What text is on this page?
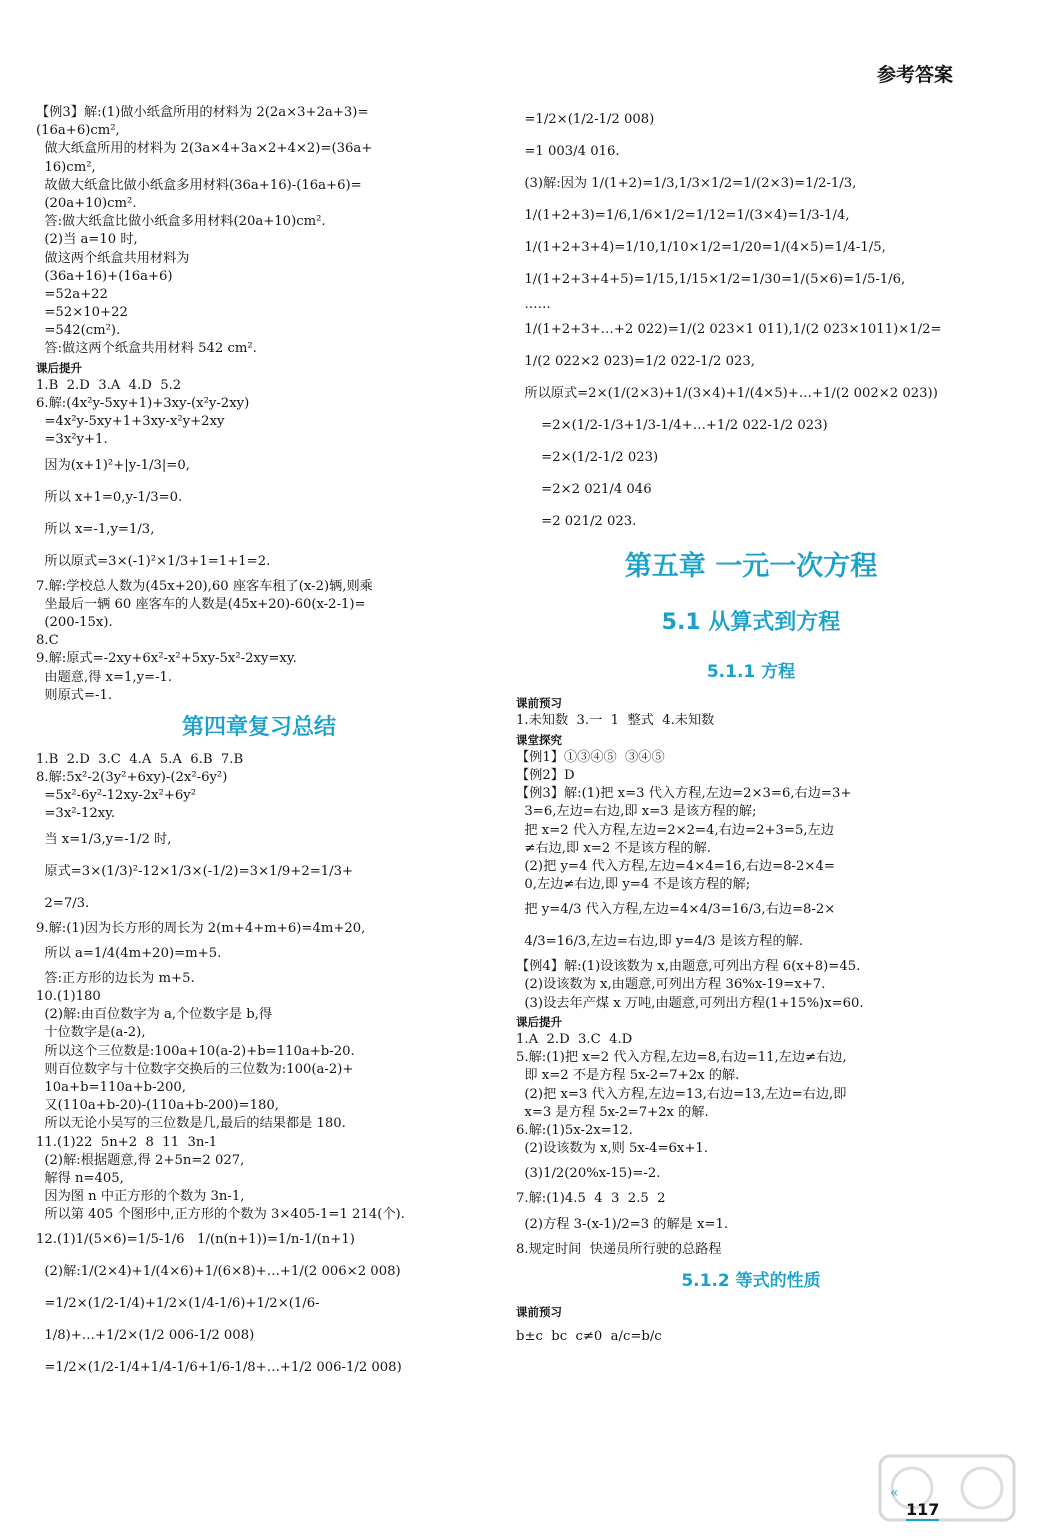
参考答案
【例3】解:(1)做小纸盒所用的材料为 2(2a×3+2a+3)=
(16a+6)cm²,
做大纸盒所用的材料为 2(3a×4+3a×2+4×2)=(36a+
16)cm²,
故做大纸盒比做小纸盒多用材料(36a+16)-(16a+6)=
(20a+10)cm².
答:做大纸盒比做小纸盒多用材料(20a+10)cm².
(2)当 a=10 时,
做这两个纸盒共用材料为
(36a+16)+(16a+6)
=52a+22
=52×10+22
=542(cm²).
答:做这两个纸盒共用材料 542 cm².
课后提升
1.B  2.D  3.A  4.D  5.2
6.解:(4x²y-5xy+1)+3xy-(x²y-2xy)
=4x²y-5xy+1+3xy-x²y+2xy
=3x²y+1.
因为(x+1)²+|y-1/3|=0,
所以 x+1=0,y-1/3=0.
所以 x=-1,y=1/3,
所以原式=3×(-1)²×1/3+1=1+1=2.
7.解:学校总人数为(45x+20),60 座客车租了(x-2)辆,则乘
坐最后一辆 60 座客车的人数是(45x+20)-60(x-2-1)=
(200-15x).
8.C
9.解:原式=-2xy+6x²-x²+5xy-5x²-2xy=xy.
由题意,得 x=1,y=-1.
则原式=-1.
第四章复习总结
1.B  2.D  3.C  4.A  5.A  6.B  7.B
8.解:5x²-2(3y²+6xy)-(2x²-6y²)
=5x²-6y²-12xy-2x²+6y²
=3x²-12xy.
当 x=1/3,y=-1/2 时,
原式=3×(1/3)²-12×1/3×(-1/2)=3×1/9+2=1/3+
2=7/3.
9.解:(1)因为长方形的周长为 2(m+4+m+6)=4m+20,
所以 a=1/4(4m+20)=m+5.
答:正方形的边长为 m+5.
10.(1)180
(2)解:由百位数字为 a,个位数字是 b,得
十位数字是(a-2),
所以这个三位数是:100a+10(a-2)+b=110a+b-20.
则百位数字与十位数字交换后的三位数为:100(a-2)+
10a+b=110a+b-200,
又(110a+b-20)-(110a+b-200)=180,
所以无论小吴写的三位数是几,最后的结果都是 180.
11.(1)22  5n+2  8  11  3n-1
(2)解:根据题意,得 2+5n=2 027,
解得 n=405,
因为图 n 中正方形的个数为 3n-1,
所以第 405 个图形中,正方形的个数为 3×405-1=1 214(个).
12.(1)1/(5×6)=1/5-1/6   1/(n(n+1))=1/n-1/(n+1)
(2)解:1/(2×4)+1/(4×6)+1/(6×8)+…+1/(2 006×2 008)
=1/2×(1/2-1/4)+1/2×(1/4-1/6)+1/2×(1/6-
1/8)+…+1/2×(1/2 006-1/2 008)
=1/2×(1/2-1/4+1/4-1/6+1/6-1/8+…+1/2 006-1/2 008)
=1/2×(1/2-1/2 008)
=1 003/4 016.
(3)解:因为 1/(1+2)=1/3,1/3×1/2=1/(2×3)=1/2-1/3,
1/(1+2+3)=1/6,1/6×1/2=1/12=1/(3×4)=1/3-1/4,
1/(1+2+3+4)=1/10,1/10×1/2=1/20=1/(4×5)=1/4-1/5,
1/(1+2+3+4+5)=1/15,1/15×1/2=1/30=1/(5×6)=1/5-1/6,
……
1/(1+2+3+…+2 022)=1/(2 023×1 011),1/(2 023×1011)×1/2=
1/(2 022×2 023)=1/2 022-1/2 023,
所以原式=2×(1/(2×3)+1/(3×4)+1/(4×5)+…+1/(2 002×2 023))
=2×(1/2-1/3+1/3-1/4+…+1/2 022-1/2 023)
=2×(1/2-1/2 023)
=2×2 021/4 046
=2 021/2 023.
第五章 一元一次方程
5.1 从算式到方程
5.1.1 方程
课前预习
1.未知数  3.一  1  整式  4.未知数
课堂探究
【例1】①③④⑤  ③④⑤
【例2】D
【例3】解:(1)把 x=3 代入方程,左边=2×3=6,右边=3+
3=6,左边=右边,即 x=3 是该方程的解;
把 x=2 代入方程,左边=2×2=4,右边=2+3=5,左边
≠右边,即 x=2 不是该方程的解.
(2)把 y=4 代入方程,左边=4×4=16,右边=8-2×4=
0,左边≠右边,即 y=4 不是该方程的解;
把 y=4/3 代入方程,左边=4×4/3=16/3,右边=8-2×
4/3=16/3,左边=右边,即 y=4/3 是该方程的解.
【例4】解:(1)设该数为 x,由题意,可列出方程 6(x+8)=45.
(2)设该数为 x,由题意,可列出方程 36%x-19=x+7.
(3)设去年产煤 x 万吨,由题意,可列出方程(1+15%)x=60.
课后提升
1.A  2.D  3.C  4.D
5.解:(1)把 x=2 代入方程,左边=8,右边=11,左边≠右边,
即 x=2 不是方程 5x-2=7+2x 的解.
(2)把 x=3 代入方程,左边=13,右边=13,左边=右边,即
x=3 是方程 5x-2=7+2x 的解.
6.解:(1)5x-2x=12.
(2)设该数为 x,则 5x-4=6x+1.
(3)1/2(20%x-15)=-2.
7.解:(1)4.5  4  3  2.5  2
(2)方程 3-(x-1)/2=3 的解是 x=1.
8.规定时间  快递员所行驶的总路程
5.1.2 等式的性质
课前预习
b±c  bc  c≠0  a/c=b/c
«
117
